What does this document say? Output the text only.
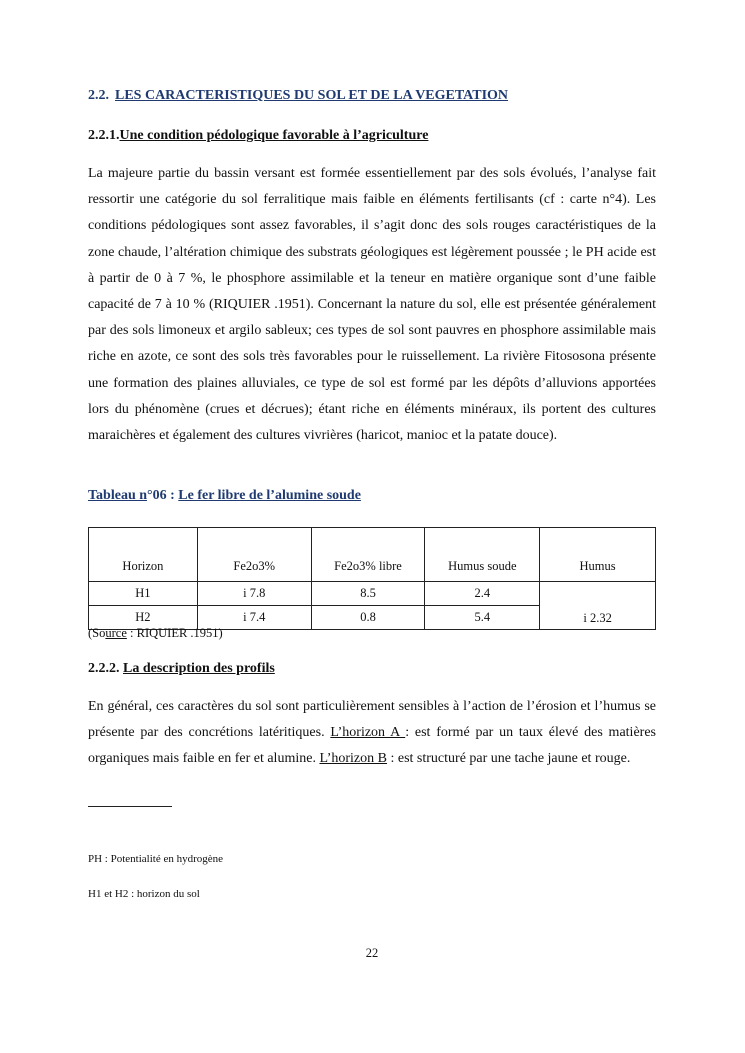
2.2. LES CARACTERISTIQUES DU SOL ET DE LA VEGETATION
2.2.1.Une condition pédologique favorable à l’agriculture

La majeure partie du bassin versant est formée essentiellement par des sols évolués, l’analyse fait ressortir une catégorie du sol ferralitique mais faible en éléments fertilisants (cf : carte n°4). Les conditions pédologiques sont assez favorables, il s’agit donc des sols rouges caractéristiques de la zone chaude, l’altération chimique des substrats géologiques est légèrement poussée ; le PH acide est à partir de 0 à 7 %, le phosphore assimilable et la teneur en matière organique sont d’une faible capacité de 7 à 10 % (RIQUIER .1951). Concernant la nature du sol, elle est présentée généralement par des sols limoneux et argilo sableux; ces types de sol sont pauvres en phosphore assimilable mais riche en azote, ce sont des sols très favorables pour le ruissellement. La rivière Fitososona présente une formation des plaines alluviales, ce type de sol est formé par les dépôts d’alluvions apportées lors du phénomène (crues et décrues); étant riche en éléments minéraux, ils portent des cultures maraichères et également des cultures vivrières (haricot, manioc et la patate douce).

Tableau n°06 : Le fer libre de l’alumine soude
Horizon	Fe2o3%	Fe2o3% libre	Humus soude	Humus
H1	i 7.8	8.5	2.4	i 2.32
H2	i 7.4	0.8	5.4	
(Source : RIQUIER .1951)
2.2.2. La description des profils

En général, ces caractères du sol sont particulièrement sensibles à l’action de l’érosion et l’humus se présente par des concrétions latéritiques. L’horizon A : est formé par un taux élevé des matières organiques mais faible en fer et alumine. L’horizon B : est structuré par une tache jaune et rouge.

PH : Potentialité en hydrogène
H1 et H2 : horizon du sol
22
